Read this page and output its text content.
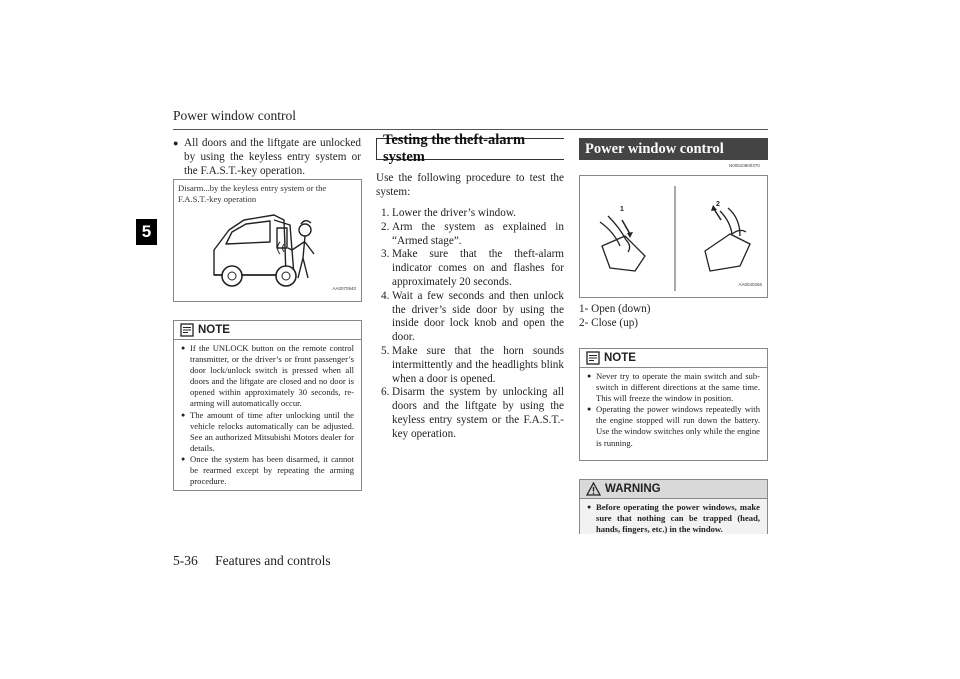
Power window control
5
● All doors and the liftgate are unlocked by using the keyless entry system or the F.A.S.T.-key operation.
Disarm...by the keyless entry system or the F.A.S.T.-key operation
AA0070940
NOTE
● If the UNLOCK button on the remote control transmitter, or the driver’s or front passenger’s door lock/unlock switch is pressed when all doors and the liftgate are closed and no door is opened within approximately 30 seconds, re-arming will automatically occur.
● The amount of time after unlocking until the vehicle relocks automatically can be adjusted. See an authorized Mitsubishi Motors dealer for details.
● Once the system has been disarmed, it cannot be rearmed except by repeating the arming procedure.
Testing the theft-alarm system
Use the following procedure to test the system:
1. Lower the driver’s window.
2. Arm the system as explained in “Armed stage”.
3. Make sure that the theft-alarm indicator comes on and flashes for approximately 20 seconds.
4. Wait a few seconds and then unlock the driver’s side door by using the inside door lock knob and open the door.
5. Make sure that the horn sounds intermittently and the headlights blink when a door is opened.
6. Disarm the system by unlocking all doors and the liftgate by using the keyless entry system or the F.A.S.T.-key operation.
Power window control
N00510800370
1
2
AA0040266
1- Open (down)
2- Close (up)
NOTE
● Never try to operate the main switch and sub-switch in different directions at the same time. This will freeze the window in position.
● Operating the power windows repeatedly with the engine stopped will run down the battery. Use the window switches only while the engine is running.
WARNING
● Before operating the power windows, make sure that nothing can be trapped (head, hands, fingers, etc.) in the window.
5-36 Features and controls
